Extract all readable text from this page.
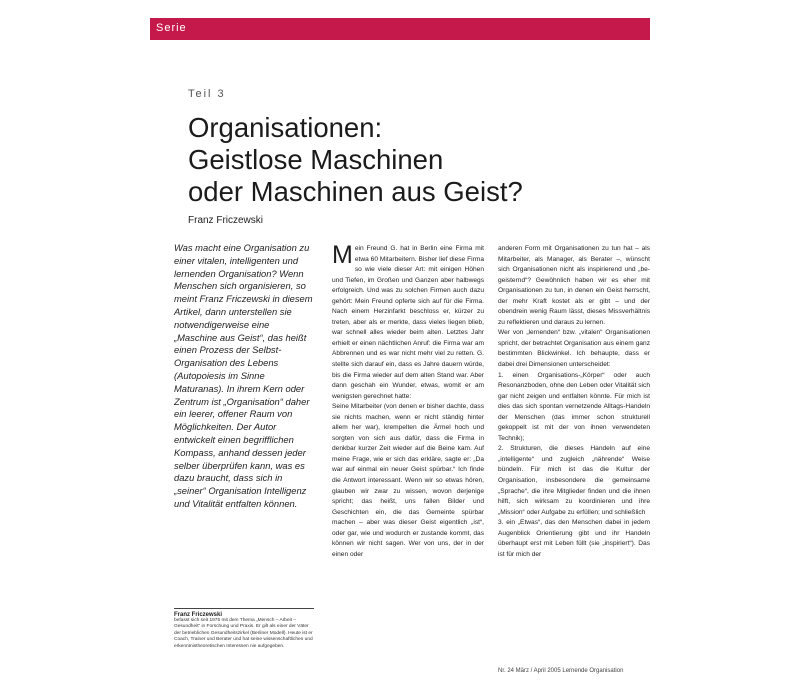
Serie
Teil 3
Organisationen:
Geistlose Maschinen
oder Maschinen aus Geist?
Franz Friczewski
Was macht eine Organisation zu einer vitalen, intelligenten und lernenden Organisation? Wenn Menschen sich organisieren, so meint Franz Friczewski in diesem Artikel, dann unterstellen sie notwendigerweise eine „Maschine aus Geist“, das heißt einen Prozess der Selbst-Organisation des Lebens (Autopoiesis im Sinne Maturanas). In ihrem Kern oder Zentrum ist „Organisation“ daher ein leerer, offener Raum von Möglichkeiten. Der Autor entwickelt einen begrifflichen Kompass, anhand dessen jeder selber überprüfen kann, was es dazu braucht, dass sich in „seiner“ Organisation Intelligenz und Vitalität entfalten können.
Franz Friczewski
befasst sich seit 1975 mit dem Thema „Mensch – Arbeit – Gesundheit“ in Forschung und Praxis. Er gilt als einer der Väter der betrieblichen Gesundheitszirkel (Berliner Modell). Heute ist er Coach, Trainer und Berater und hat seine wissenschaftlichen und erkenntnistheoretischen Interessen nie aufgegeben.

Mein Freund G. hat in Berlin eine Firma mit etwa 60 Mitarbeitern. Bisher lief diese Firma so wie viele dieser Art: mit einigen Höhen und Tiefen, im Großen und Ganzen aber halbwegs erfolgreich. Und was zu solchen Firmen auch dazu gehört: Mein Freund opferte sich auf für die Firma. Nach einem Herzinfarkt beschloss er, kürzer zu treten, aber als er merkte, dass vieles liegen blieb, war schnell alles wieder beim alten. Letztes Jahr erhielt er einen nächtlichen Anruf: die Firma war am Abbrennen und es war nicht mehr viel zu retten. G. stellte sich darauf ein, dass es Jahre dauern würde, bis die Firma wieder auf dem alten Stand war. Aber dann geschah ein Wunder, etwas, womit er am wenigsten gerechnet hatte:

Seine Mitarbeiter (von denen er bisher dachte, dass sie nichts machen, wenn er nicht ständig hinter allem her war), krempelten die Ärmel hoch und sorgten von sich aus dafür, dass die Firma in denkbar kurzer Zeit wieder auf die Beine kam. Auf meine Frage, wie er sich das erkläre, sagte er: „Da war auf einmal ein neuer Geist spürbar.“ Ich finde die Antwort interessant. Wenn wir so etwas hören, glauben wir zwar zu wissen, wovon derjenige spricht; das heißt, uns fallen Bilder und Geschichten ein, die das Gemeinte spürbar machen – aber was dieser Geist eigentlich „ist“, oder gar, wie und wodurch er zustande kommt, das können wir nicht sagen. Wer von uns, der in der einen oder

anderen Form mit Organisationen zu tun hat – als Mitarbeiter, als Manager, als Berater –, wünscht sich Organisationen nicht als inspirierend und „be-geisternd“? Gewöhnlich haben wir es eher mit Organisationen zu tun, in denen ein Geist herrscht, der mehr Kraft kostet als er gibt – und der obendrein wenig Raum lässt, dieses Missverhältnis zu reflektieren und daraus zu lernen.

Wer von „lernenden“ bzw. „vitalen“ Organisationen spricht, der betrachtet Organisation aus einem ganz bestimmten Blickwinkel. Ich behaupte, dass er dabei drei Dimensionen unterscheidet:

1. einen Organisations-„Körper“ oder auch Resonanzboden, ohne den Leben oder Vitalität sich gar nicht zeigen und entfalten könnte. Für mich ist dies das sich spontan vernetzende Alltags-Handeln der Menschen (das immer schon strukturell gekoppelt ist mit der von ihnen verwendeten Technik);

2. Strukturen, die dieses Handeln auf eine „intelligente“ und zugleich „nährende“ Weise bündeln. Für mich ist das die Kultur der Organisation, insbesondere die gemeinsame „Sprache“, die ihre Mitglieder finden und die ihnen hilft, sich wirksam zu koordinieren und ihre „Mission“ oder Aufgabe zu erfüllen; und schließlich

3. ein „Etwas“, das den Menschen dabei in jedem Augenblick Orientierung gibt und ihr Handeln überhaupt erst mit Leben füllt (sie „inspiriert“). Das ist für mich der

Nr. 24 März / April 2005 Lernende Organisation
